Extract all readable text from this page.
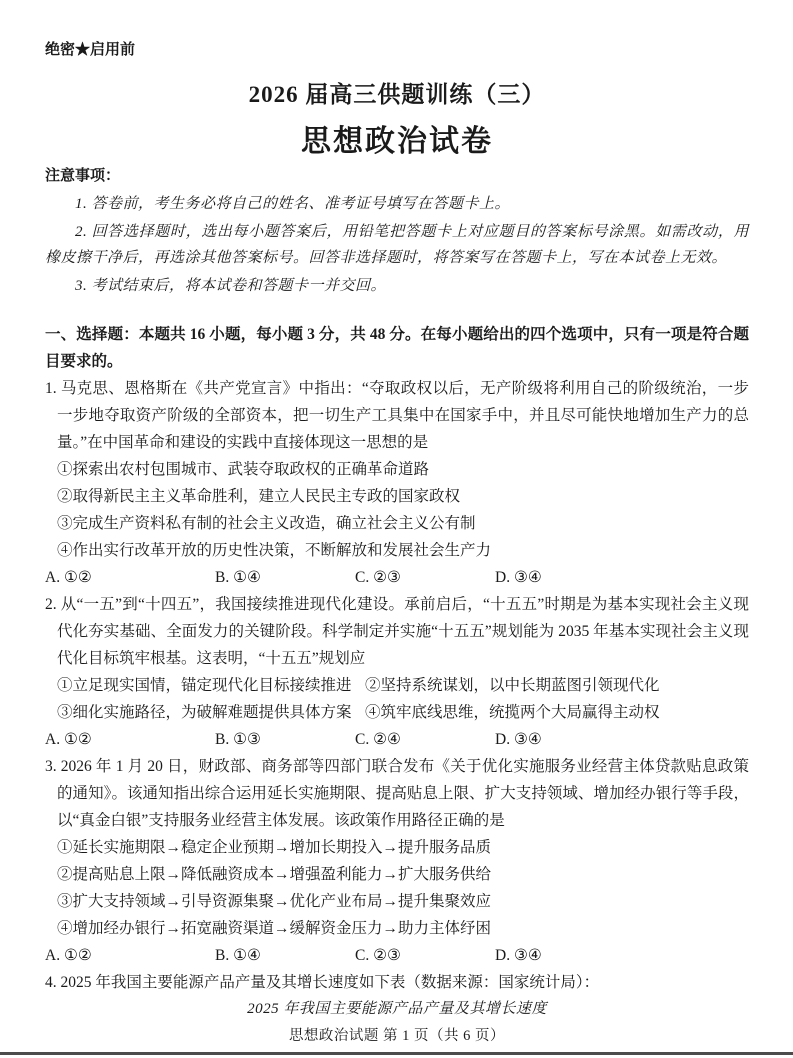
绝密★启用前
2026 届高三供题训练（三）
思想政治试卷
注意事项：

1. 答卷前，考生务必将自己的姓名、准考证号填写在答题卡上。

2. 回答选择题时，选出每小题答案后，用铅笔把答题卡上对应题目的答案标号涂黑。如需改动，用橡皮擦干净后，再选涂其他答案标号。回答非选择题时，将答案写在答题卡上，写在本试卷上无效。

3. 考试结束后，将本试卷和答题卡一并交回。

一、选择题：本题共 16 小题，每小题 3 分，共 48 分。在每小题给出的四个选项中，只有一项是符合题目要求的。

1. 马克思、恩格斯在《共产党宣言》中指出：“夺取政权以后，无产阶级将利用自己的阶级统治，一步一步地夺取资产阶级的全部资本，把一切生产工具集中在国家手中，并且尽可能快地增加生产力的总量。”在中国革命和建设的实践中直接体现这一思想的是

①探索出农村包围城市、武装夺取政权的正确革命道路

②取得新民主主义革命胜利，建立人民民主专政的国家政权

③完成生产资料私有制的社会主义改造，确立社会主义公有制

④作出实行改革开放的历史性决策，不断解放和发展社会生产力

A. ①②	B. ①④	C. ②③	D. ③④

2. 从“一五”到“十四五”，我国接续推进现代化建设。承前启后，“十五五”时期是为基本实现社会主义现代化夯实基础、全面发力的关键阶段。科学制定并实施“十五五”规划能为 2035 年基本实现社会主义现代化目标筑牢根基。这表明，“十五五”规划应

①立足现实国情，锚定现代化目标接续推进 ②坚持系统谋划，以中长期蓝图引领现代化

③细化实施路径，为破解难题提供具体方案 ④筑牢底线思维，统揽两个大局赢得主动权

A. ①②	B. ①③	C. ②④	D. ③④

3. 2026 年 1 月 20 日，财政部、商务部等四部门联合发布《关于优化实施服务业经营主体贷款贴息政策的通知》。该通知指出综合运用延长实施期限、提高贴息上限、扩大支持领域、增加经办银行等手段，以“真金白银”支持服务业经营主体发展。该政策作用路径正确的是

①延长实施期限→稳定企业预期→增加长期投入→提升服务品质

②提高贴息上限→降低融资成本→增强盈利能力→扩大服务供给

③扩大支持领域→引导资源集聚→优化产业布局→提升集聚效应

④增加经办银行→拓宽融资渠道→缓解资金压力→助力主体纾困

A. ①②	B. ①④	C. ②③	D. ③④

4. 2025 年我国主要能源产品产量及其增长速度如下表（数据来源：国家统计局）：

2025 年我国主要能源产品产量及其增长速度

思想政治试题 第 1 页（共 6 页）
